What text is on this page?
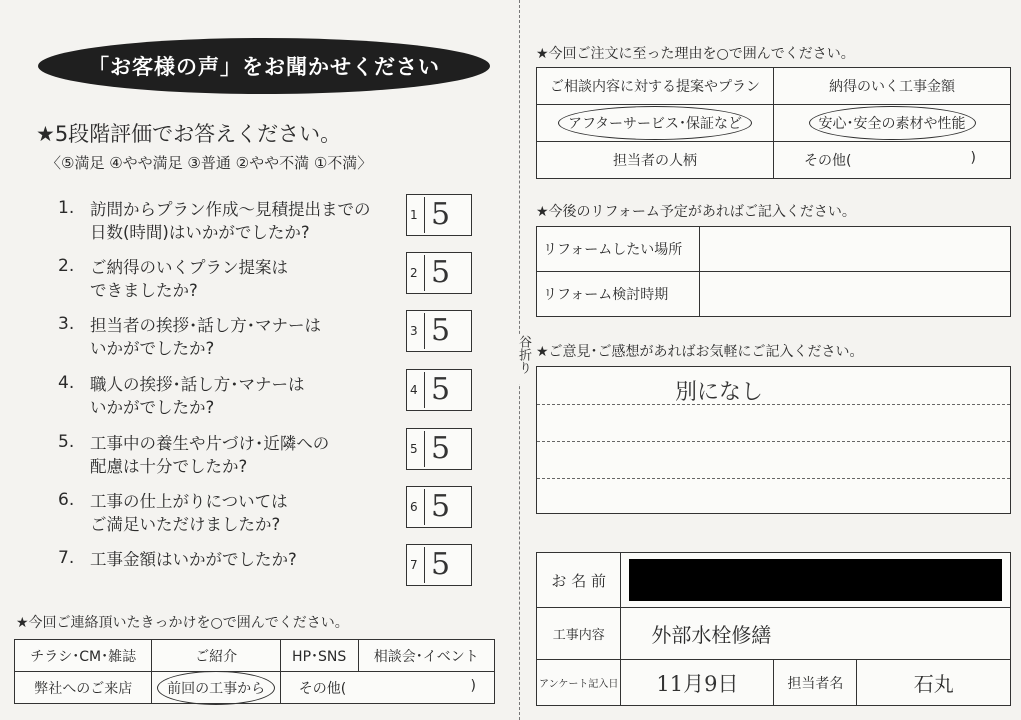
谷折り
「お客様の声」をお聞かせください
★5段階評価でお答えください。
〈⑤満足 ④やや満足 ③普通 ②やや不満 ①不満〉
1. 訪問からプラン作成〜見積提出までの
日数(時間)はいかがでしたか?
1 5
2. ご納得のいくプラン提案は
できましたか?
2 5
3. 担当者の挨拶･話し方･マナーは
いかがでしたか?
3 5
4. 職人の挨拶･話し方･マナーは
いかがでしたか?
4 5
5. 工事中の養生や片づけ･近隣への
配慮は十分でしたか?
5 5
6. 工事の仕上がりについては
ご満足いただけましたか?
6 5
7. 工事金額はいかがでしたか?	7 5
★今回ご連絡頂いたきっかけを○で囲んでください。
チラシ･CM･雑誌	ご紹介	HP･SNS	相談会･イベント
弊社へのご来店	前回の工事から	その他( )	
★今回ご注文に至った理由を○で囲んでください。
ご相談内容に対する提案やプラン	納得のいく工事金額
アフターサービス･保証など	安心･安全の素材や性能
担当者の人柄	その他( )
★今後のリフォーム予定があればご記入ください。
リフォームしたい場所	
リフォーム検討時期	
★ご意見･ご感想があればお気軽にご記入ください。
別になし
お 名 前			

工事内容	外部水栓修繕		
アンケート記入日	11月9日	担当者名	石丸
